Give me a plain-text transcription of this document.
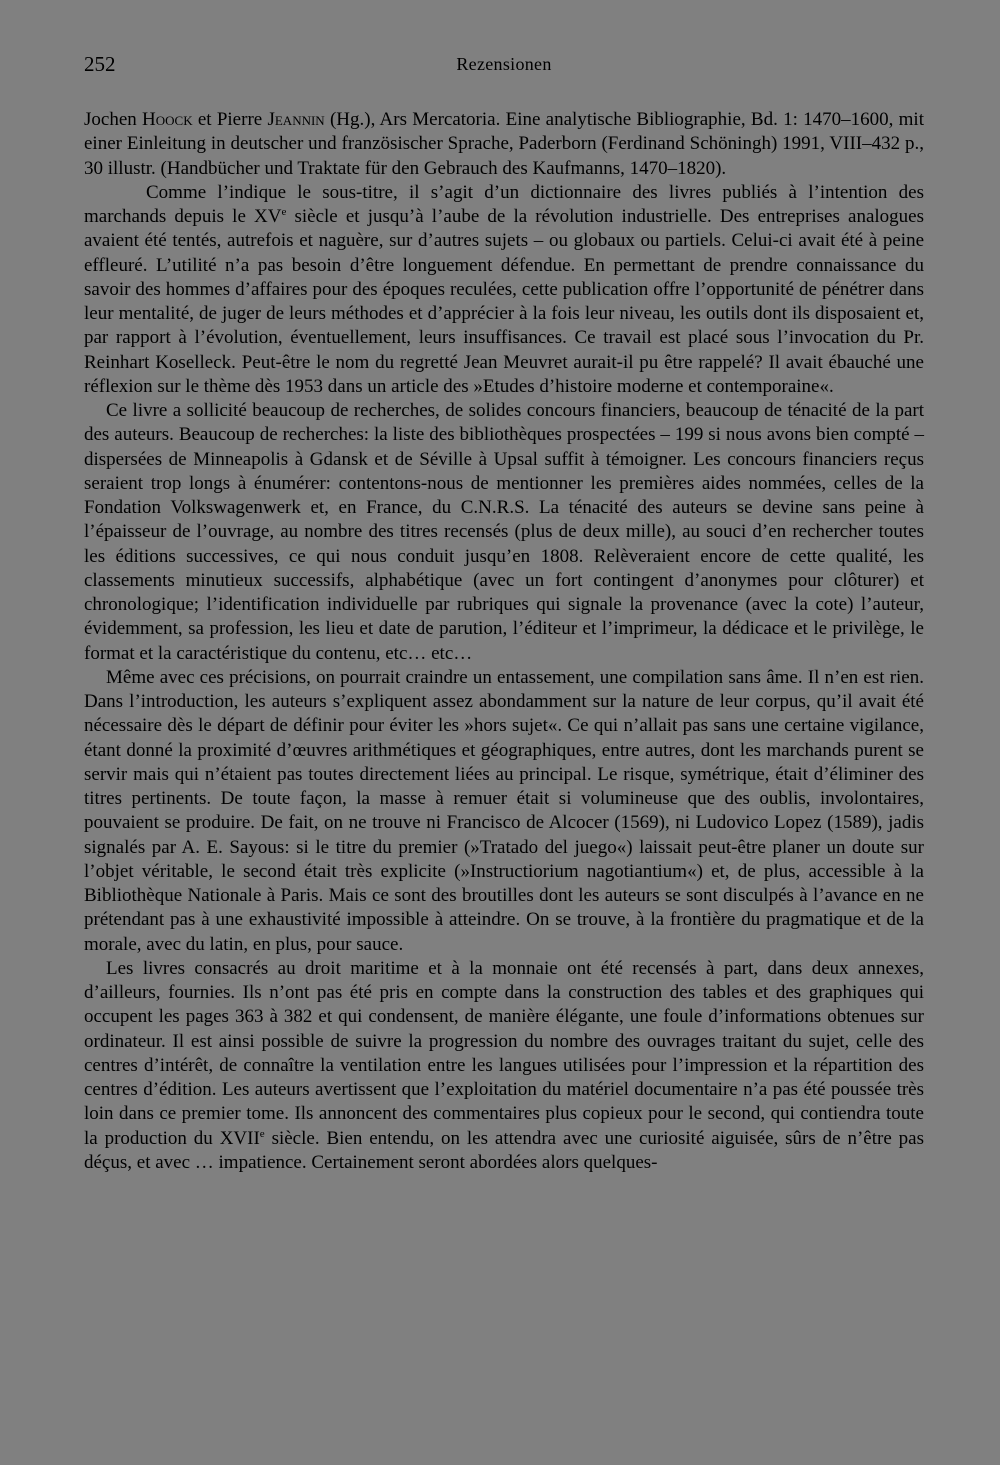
252	Rezensionen

Jochen Hoock et Pierre Jeannin (Hg.), Ars Mercatoria. Eine analytische Bibliographie, Bd. 1: 1470–1600, mit einer Einleitung in deutscher und französischer Sprache, Paderborn (Ferdinand Schöningh) 1991, VIII–432 p., 30 illustr. (Handbücher und Traktate für den Gebrauch des Kaufmanns, 1470–1820).

Comme l’indique le sous-titre, il s’agit d’un dictionnaire des livres publiés à l’intention des marchands depuis le XVe siècle et jusqu’à l’aube de la révolution industrielle. Des entreprises analogues avaient été tentés, autrefois et naguère, sur d’autres sujets – ou globaux ou partiels. Celui-ci avait été à peine effleuré. L’utilité n’a pas besoin d’être longuement défendue. En permettant de prendre connaissance du savoir des hommes d’affaires pour des époques reculées, cette publication offre l’opportunité de pénétrer dans leur mentalité, de juger de leurs méthodes et d’apprécier à la fois leur niveau, les outils dont ils disposaient et, par rapport à l’évolution, éventuellement, leurs insuffisances. Ce travail est placé sous l’invocation du Pr. Reinhart Koselleck. Peut-être le nom du regretté Jean Meuvret aurait-il pu être rappelé? Il avait ébauché une réflexion sur le thème dès 1953 dans un article des »Etudes d’histoire moderne et contemporaine«.

Ce livre a sollicité beaucoup de recherches, de solides concours financiers, beaucoup de ténacité de la part des auteurs. Beaucoup de recherches: la liste des bibliothèques prospectées – 199 si nous avons bien compté – dispersées de Minneapolis à Gdansk et de Séville à Upsal suffit à témoigner. Les concours financiers reçus seraient trop longs à énumérer: contentons-nous de mentionner les premières aides nommées, celles de la Fondation Volkswagenwerk et, en France, du C.N.R.S. La ténacité des auteurs se devine sans peine à l’épaisseur de l’ouvrage, au nombre des titres recensés (plus de deux mille), au souci d’en rechercher toutes les éditions successives, ce qui nous conduit jusqu’en 1808. Relèveraient encore de cette qualité, les classements minutieux successifs, alphabétique (avec un fort contingent d’anonymes pour clôturer) et chronologique; l’identification individuelle par rubriques qui signale la provenance (avec la cote) l’auteur, évidemment, sa profession, les lieu et date de parution, l’éditeur et l’imprimeur, la dédicace et le privilège, le format et la caractéristique du contenu, etc… etc…

Même avec ces précisions, on pourrait craindre un entassement, une compilation sans âme. Il n’en est rien. Dans l’introduction, les auteurs s’expliquent assez abondamment sur la nature de leur corpus, qu’il avait été nécessaire dès le départ de définir pour éviter les »hors sujet«. Ce qui n’allait pas sans une certaine vigilance, étant donné la proximité d’œuvres arithmétiques et géographiques, entre autres, dont les marchands purent se servir mais qui n’étaient pas toutes directement liées au principal. Le risque, symétrique, était d’éliminer des titres pertinents. De toute façon, la masse à remuer était si volumineuse que des oublis, involontaires, pouvaient se produire. De fait, on ne trouve ni Francisco de Alcocer (1569), ni Ludovico Lopez (1589), jadis signalés par A. E. Sayous: si le titre du premier (»Tratado del juego«) laissait peut-être planer un doute sur l’objet véritable, le second était très explicite (»Instructiorium nagotiantium«) et, de plus, accessible à la Bibliothèque Nationale à Paris. Mais ce sont des broutilles dont les auteurs se sont disculpés à l’avance en ne prétendant pas à une exhaustivité impossible à atteindre. On se trouve, à la frontière du pragmatique et de la morale, avec du latin, en plus, pour sauce.

Les livres consacrés au droit maritime et à la monnaie ont été recensés à part, dans deux annexes, d’ailleurs, fournies. Ils n’ont pas été pris en compte dans la construction des tables et des graphiques qui occupent les pages 363 à 382 et qui condensent, de manière élégante, une foule d’informations obtenues sur ordinateur. Il est ainsi possible de suivre la progression du nombre des ouvrages traitant du sujet, celle des centres d’intérêt, de connaître la ventilation entre les langues utilisées pour l’impression et la répartition des centres d’édition. Les auteurs avertissent que l’exploitation du matériel documentaire n’a pas été poussée très loin dans ce premier tome. Ils annoncent des commentaires plus copieux pour le second, qui contiendra toute la production du XVIIe siècle. Bien entendu, on les attendra avec une curiosité aiguisée, sûrs de n’être pas déçus, et avec … impatience. Certainement seront abordées alors quelques-
